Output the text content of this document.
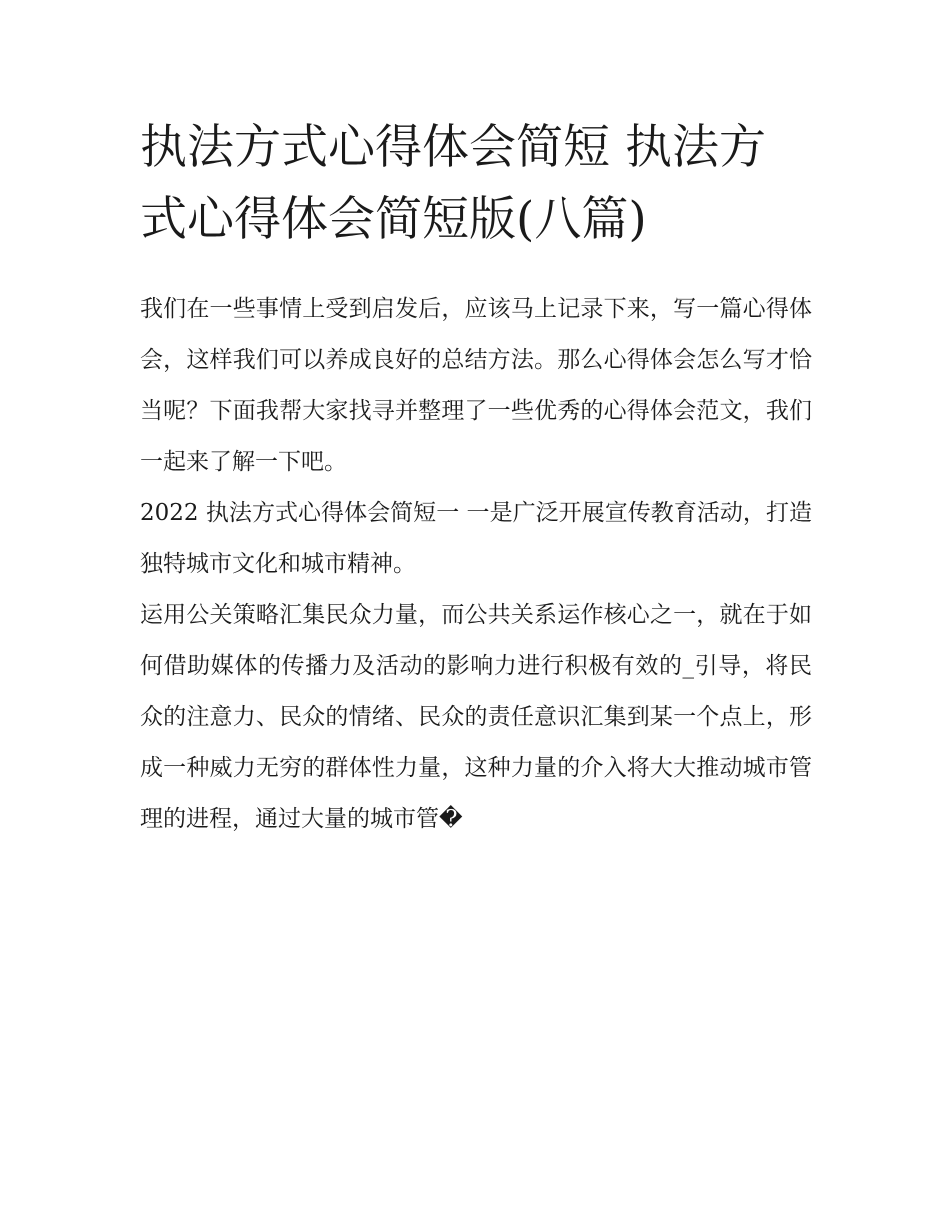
执法方式心得体会简短 执法方式心得体会简短版(八篇)

我们在一些事情上受到启发后，应该马上记录下来，写一篇心得体会，这样我们可以养成良好的总结方法。那么心得体会怎么写才恰当呢？下面我帮大家找寻并整理了一些优秀的心得体会范文，我们一起来了解一下吧。

2022 执法方式心得体会简短一 一是广泛开展宣传教育活动，打造独特城市文化和城市精神。

运用公关策略汇集民众力量，而公共关系运作核心之一，就在于如何借助媒体的传播力及活动的影响力进行积极有效的_引导，将民众的注意力、民众的情绪、民众的责任意识汇集到某一个点上，形成一种威力无穷的群体性力量，这种力量的介入将大大推动城市管理的进程，通过大量的城市管�
